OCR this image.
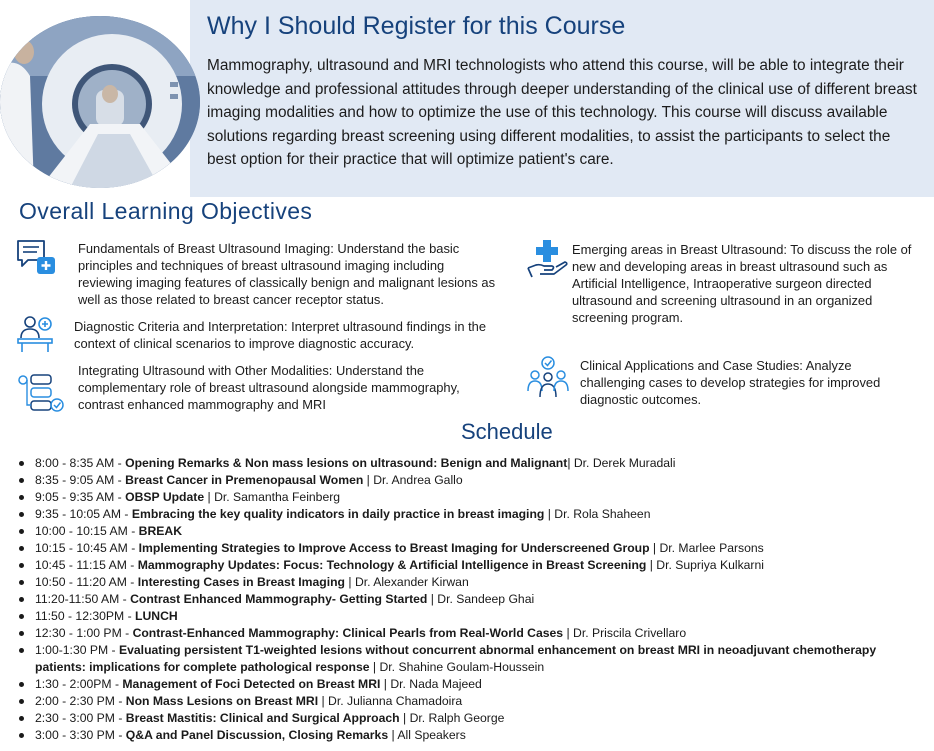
Why I Should Register for this Course

Mammography, ultrasound and MRI technologists who attend this course, will be able to integrate their knowledge and professional attitudes through deeper understanding of the clinical use of different breast imaging modalities and how to optimize the use of this technology. This course will discuss available solutions regarding breast screening using different modalities, to assist the participants to select the best option for their practice that will optimize patient's care.

Overall Learning Objectives
Fundamentals of Breast Ultrasound Imaging: Understand the basic principles and techniques of breast ultrasound imaging including reviewing imaging features of classically benign and malignant lesions as well as those related to breast cancer receptor status.
Diagnostic Criteria and Interpretation: Interpret ultrasound findings in the context of clinical scenarios to improve diagnostic accuracy.
Integrating Ultrasound with Other Modalities: Understand the complementary role of breast ultrasound alongside mammography, contrast enhanced mammography and MRI
Emerging areas in Breast Ultrasound: To discuss the role of new and developing areas in breast ultrasound such as Artificial Intelligence, Intraoperative surgeon directed ultrasound and screening ultrasound in an organized screening program.
Clinical Applications and Case Studies: Analyze challenging cases to develop strategies for improved diagnostic outcomes.
Schedule
8:00 - 8:35 AM - Opening Remarks & Non mass lesions on ultrasound: Benign and Malignant| Dr. Derek Muradali
8:35 - 9:05 AM - Breast Cancer in Premenopausal Women | Dr. Andrea Gallo
9:05 - 9:35 AM - OBSP Update | Dr. Samantha Feinberg
9:35 - 10:05 AM - Embracing the key quality indicators in daily practice in breast imaging | Dr. Rola Shaheen
10:00 - 10:15 AM - BREAK
10:15 - 10:45 AM - Implementing Strategies to Improve Access to Breast Imaging for Underscreened Group | Dr. Marlee Parsons
10:45 - 11:15 AM - Mammography Updates: Focus: Technology & Artificial Intelligence in Breast Screening | Dr. Supriya Kulkarni
10:50 - 11:20 AM - Interesting Cases in Breast Imaging | Dr. Alexander Kirwan
11:20-11:50 AM - Contrast Enhanced Mammography- Getting Started | Dr. Sandeep Ghai
11:50 - 12:30PM - LUNCH
12:30 - 1:00 PM - Contrast-Enhanced Mammography: Clinical Pearls from Real-World Cases | Dr. Priscila Crivellaro
1:00-1:30 PM - Evaluating persistent T1-weighted lesions without concurrent abnormal enhancement on breast MRI in neoadjuvant chemotherapy patients: implications for complete pathological response | Dr. Shahine Goulam-Houssein
1:30 - 2:00PM - Management of Foci Detected on Breast MRI | Dr. Nada Majeed
2:00 - 2:30 PM - Non Mass Lesions on Breast MRI | Dr. Julianna Chamadoira
2:30 - 3:00 PM - Breast Mastitis: Clinical and Surgical Approach | Dr. Ralph George
3:00 - 3:30 PM - Q&A and Panel Discussion, Closing Remarks | All Speakers
